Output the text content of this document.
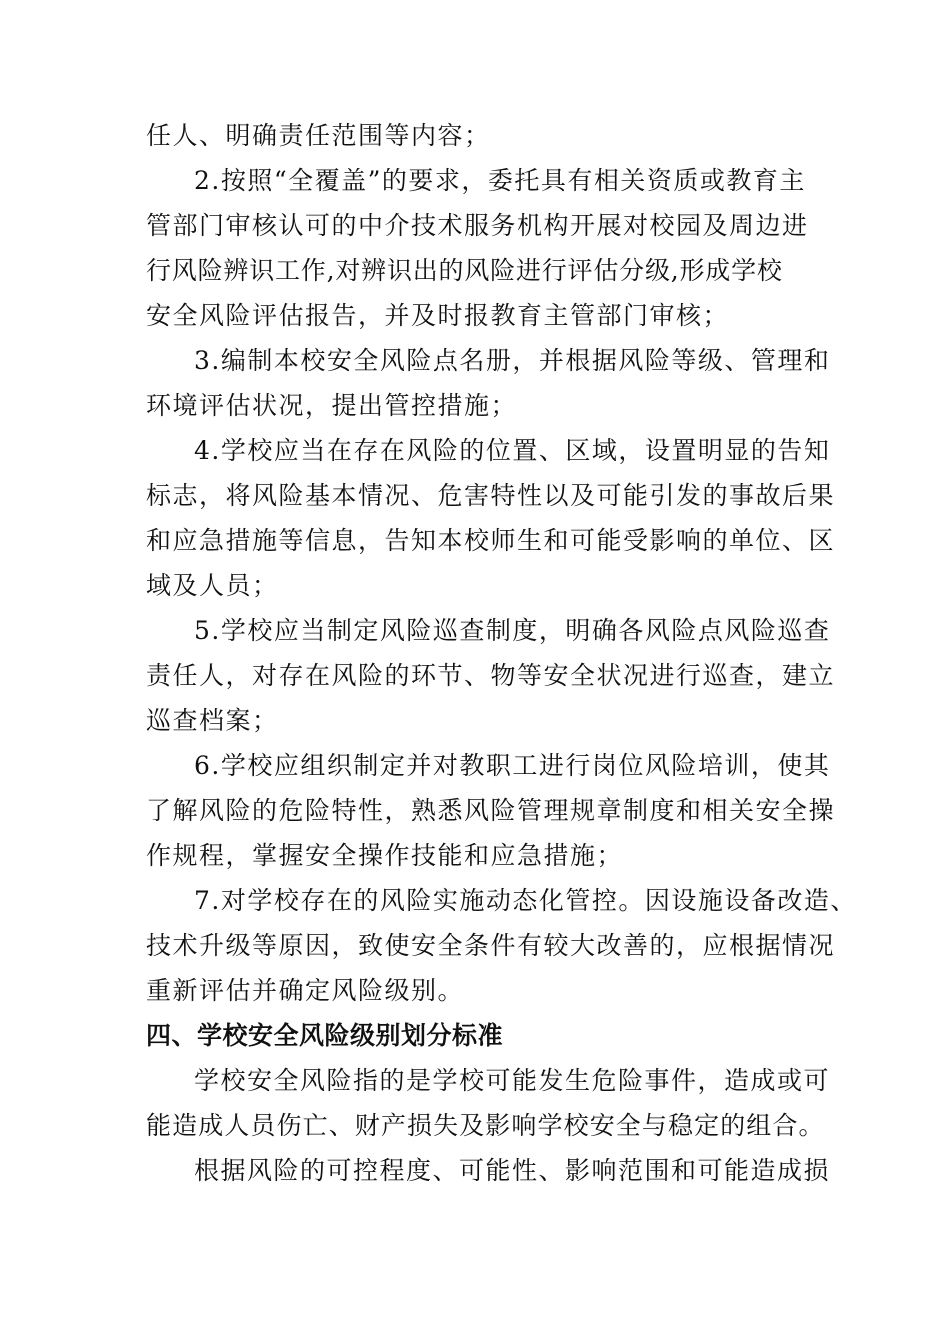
任人、明确责任范围等内容；
2.按照“全覆盖”的要求，委托具有相关资质或教育主
管部门审核认可的中介技术服务机构开展对校园及周边进
行风险辨识工作,对辨识出的风险进行评估分级,形成学校
安全风险评估报告，并及时报教育主管部门审核；
3.编制本校安全风险点名册，并根据风险等级、管理和
环境评估状况，提出管控措施；
4.学校应当在存在风险的位置、区域，设置明显的告知
标志，将风险基本情况、危害特性以及可能引发的事故后果
和应急措施等信息，告知本校师生和可能受影响的单位、区
域及人员；
5.学校应当制定风险巡查制度，明确各风险点风险巡查
责任人，对存在风险的环节、物等安全状况进行巡查，建立
巡查档案；
6.学校应组织制定并对教职工进行岗位风险培训，使其
了解风险的危险特性，熟悉风险管理规章制度和相关安全操
作规程，掌握安全操作技能和应急措施；
7.对学校存在的风险实施动态化管控。因设施设备改造、
技术升级等原因，致使安全条件有较大改善的，应根据情况
重新评估并确定风险级别。
四、学校安全风险级别划分标准
学校安全风险指的是学校可能发生危险事件，造成或可
能造成人员伤亡、财产损失及影响学校安全与稳定的组合。
根据风险的可控程度、可能性、影响范围和可能造成损
